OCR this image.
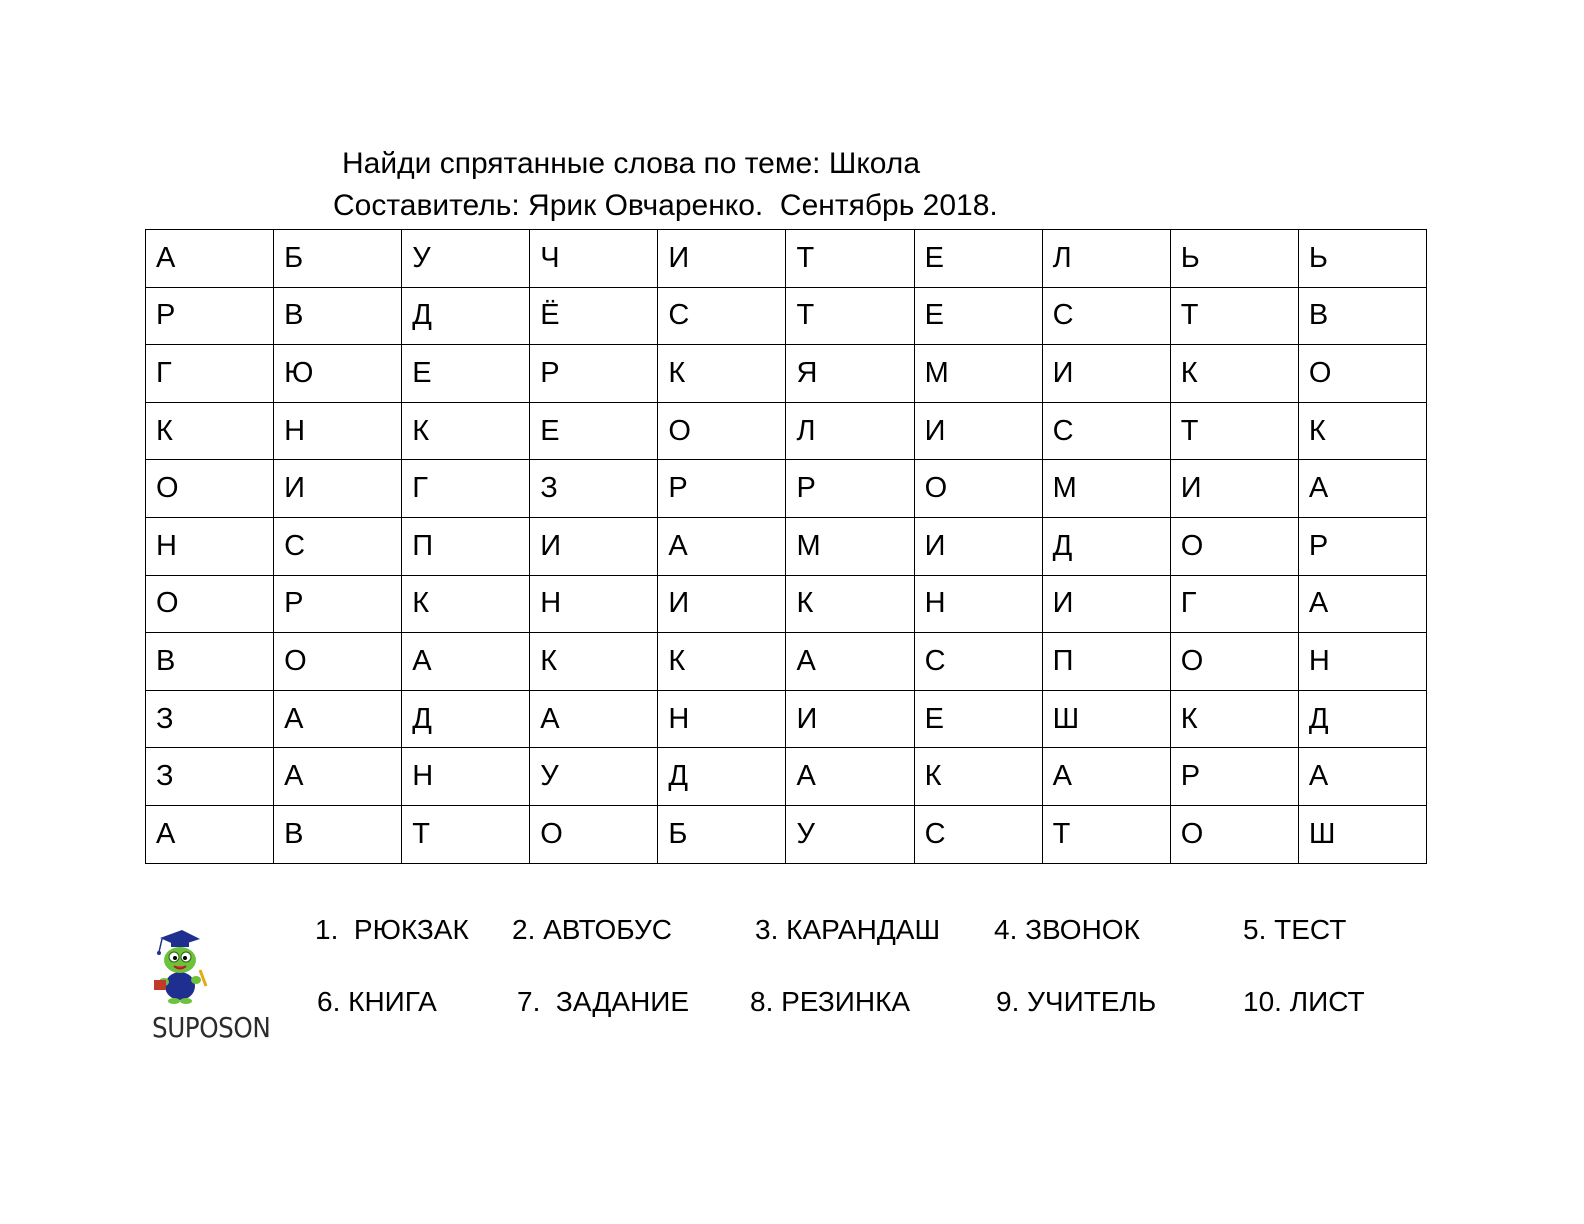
Найди спрятанные слова по теме: Школа
Составитель: Ярик Овчаренко.  Сентябрь 2018.
А	Б	У	Ч	И	Т	Е	Л	Ь	Ь
Р	В	Д	Ё	С	Т	Е	С	Т	В
Г	Ю	Е	Р	К	Я	М	И	К	О
К	Н	К	Е	О	Л	И	С	Т	К
О	И	Г	З	Р	Р	О	М	И	А
Н	С	П	И	А	М	И	Д	О	Р
О	Р	К	Н	И	К	Н	И	Г	А
В	О	А	К	К	А	С	П	О	Н
З	А	Д	А	Н	И	Е	Ш	К	Д
З	А	Н	У	Д	А	К	А	Р	А
А	В	Т	О	Б	У	С	Т	О	Ш
SUPOSON
1.  РЮКЗАК 2. АВТОБУС	3. КАРАНДАШ 4. ЗВОНОК	5. ТЕСТ
6. КНИГА	7.  ЗАДАНИЕ 8. РЕЗИНКА	9. УЧИТЕЛЬ	10. ЛИСТ
